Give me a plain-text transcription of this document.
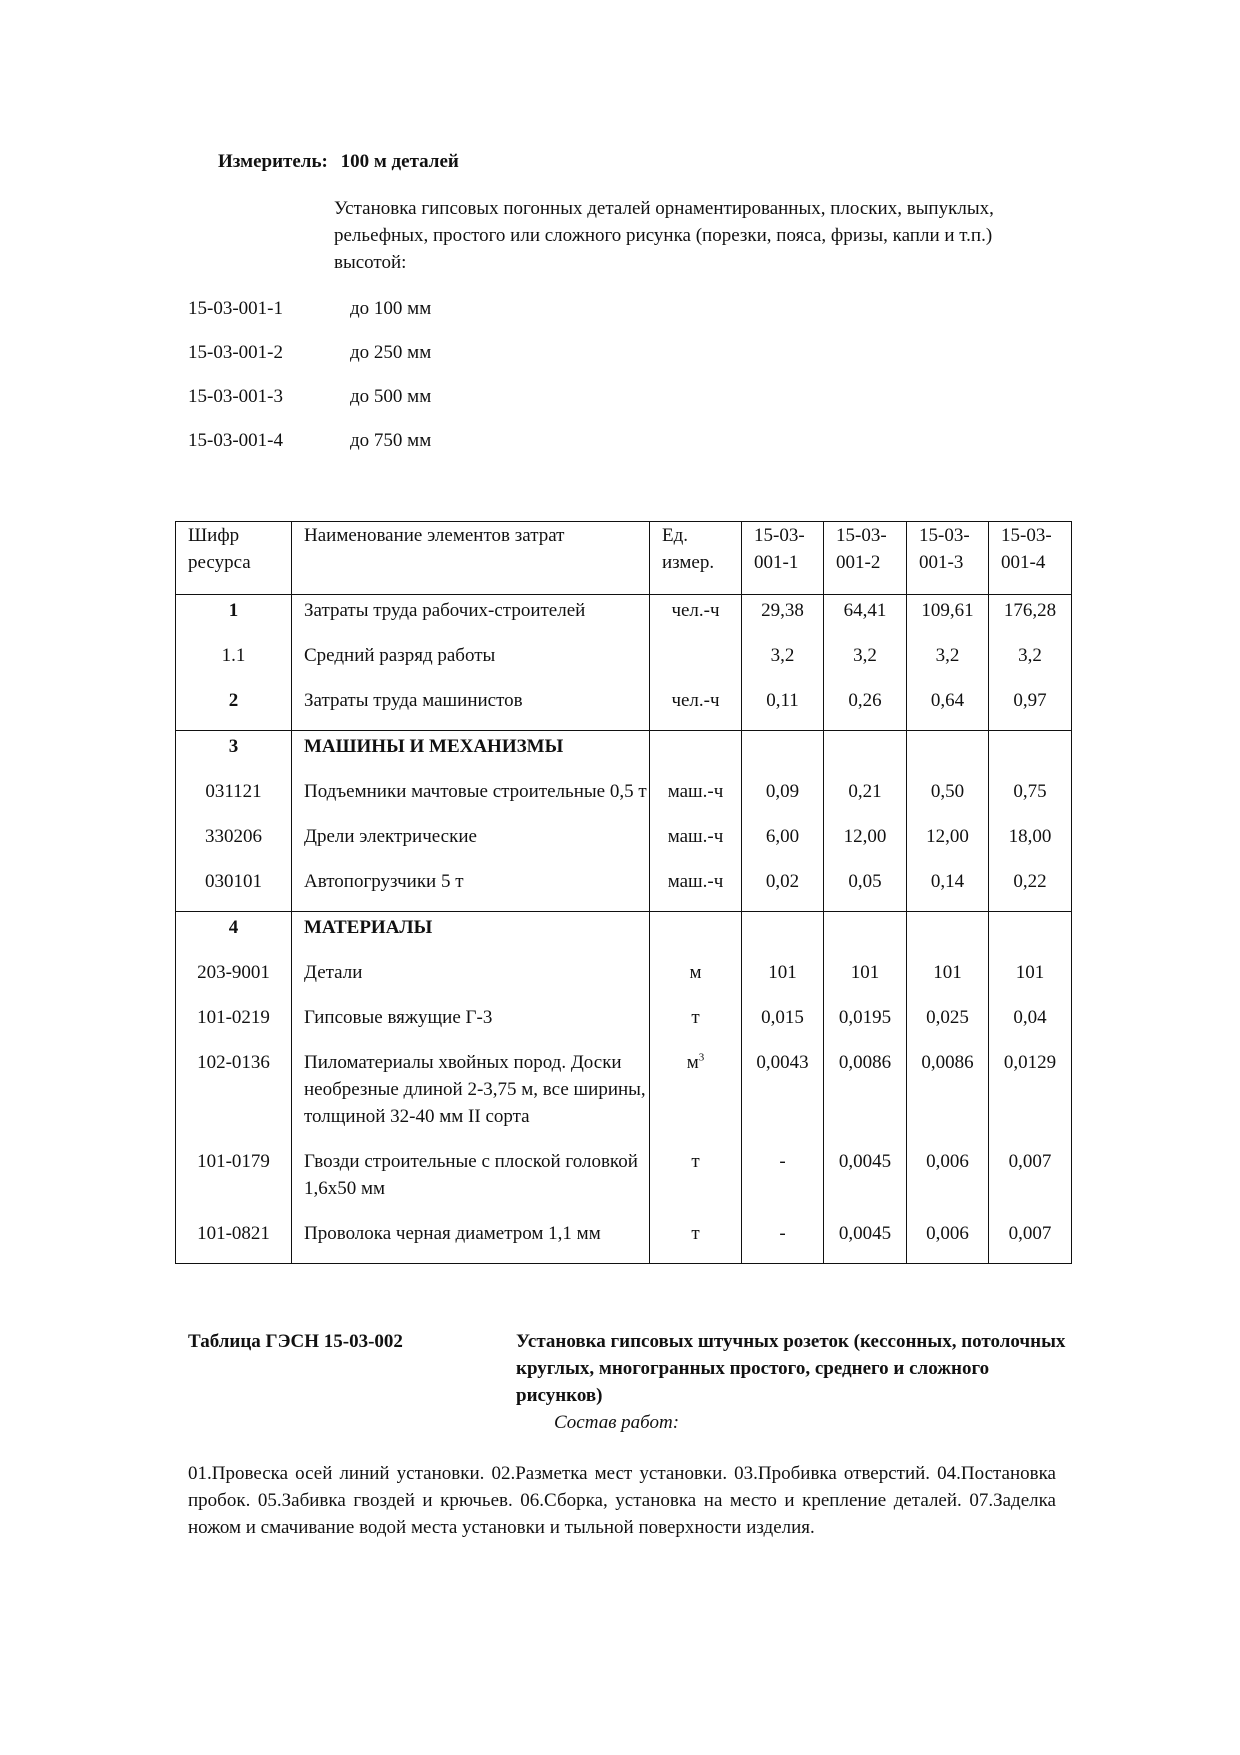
Измеритель: 100 м деталей
Установка гипсовых погонных деталей орнаментированных, плоских, выпуклых, рельефных, простого или сложного рисунка (порезки, пояса, фризы, капли и т.п.) высотой:
15-03-001-1	до 100 мм
15-03-001-2	до 250 мм
15-03-001-3	до 500 мм
15-03-001-4	до 750 мм
Шифр ресурса	Наименование элементов затрат	Ед. измер.	15-03-001-1	15-03-001-2	15-03-001-3	15-03-001-4
1	Затраты труда рабочих-строителей	чел.-ч	29,38	64,41	109,61	176,28
1.1	Средний разряд работы		3,2	3,2	3,2	3,2
2	Затраты труда машинистов	чел.-ч	0,11	0,26	0,64	0,97
3	МАШИНЫ И МЕХАНИЗМЫ					
031121	Подъемники мачтовые строительные 0,5 т	маш.-ч	0,09	0,21	0,50	0,75
330206	Дрели электрические	маш.-ч	6,00	12,00	12,00	18,00
030101	Автопогрузчики 5 т	маш.-ч	0,02	0,05	0,14	0,22
4	МАТЕРИАЛЫ					
203-9001	Детали	м	101	101	101	101
101-0219	Гипсовые вяжущие Г-3	т	0,015	0,0195	0,025	0,04
102-0136	Пиломатериалы хвойных пород. Доски необрезные длиной 2-3,75 м, все ширины, толщиной 32-40 мм II сорта	$м^3$	0,0043	0,0086	0,0086	0,0129
101-0179	Гвозди строительные с плоской головкой 1,6х50 мм	т	-	0,0045	0,006	0,007
101-0821	Проволока черная диаметром 1,1 мм	т	-	0,0045	0,006	0,007
Таблица ГЭСН 15-03-002	Установка гипсовых штучных розеток (кессонных, потолочных круглых, многогранных простого, среднего и сложного рисунков)
Состав работ:
01.Провеска осей линий установки. 02.Разметка мест установки. 03.Пробивка отверстий. 04.Постановка пробок. 05.Забивка гвоздей и крючьев. 06.Сборка, установка на место и крепление деталей. 07.Заделка ножом и смачивание водой места установки и тыльной поверхности изделия.
